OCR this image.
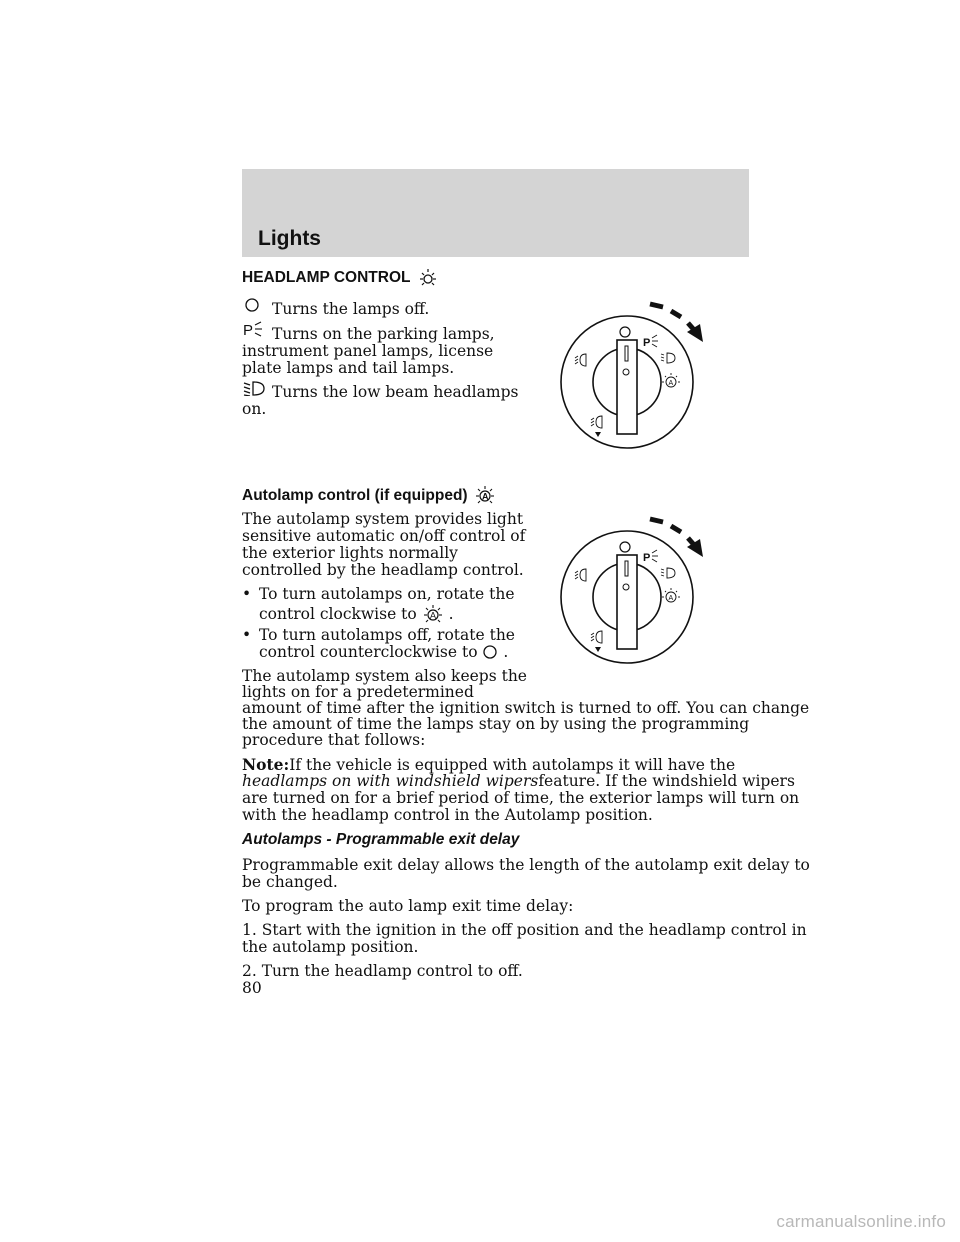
Lights
HEADLAMP CONTROL
Turns the lamps off.
P Turns on the parking lamps,
instrument panel lamps, license
plate lamps and tail lamps.
Turns the low beam headlamps
on.
P
A
Autolamp control (if equipped) A
The autolamp system provides light
sensitive automatic on/off control of
the exterior lights normally
controlled by the headlamp control.
• To turn autolamps on, rotate the
control clockwise to A .
• To turn autolamps off, rotate the
control counterclockwise to  .
P
A
The autolamp system also keeps the
lights on for a predetermined
amount of time after the ignition switch is turned to off. You can change
the amount of time the lamps stay on by using the programming
procedure that follows:
Note:If the vehicle is equipped with autolamps it will have the
headlamps on with windshield wipersfeature. If the windshield wipers
are turned on for a brief period of time, the exterior lamps will turn on
with the headlamp control in the Autolamp position.
Autolamps - Programmable exit delay
Programmable exit delay allows the length of the autolamp exit delay to
be changed.
To program the auto lamp exit time delay:
1. Start with the ignition in the off position and the headlamp control in
the autolamp position.
2. Turn the headlamp control to off.
80
carmanualsonline.info
